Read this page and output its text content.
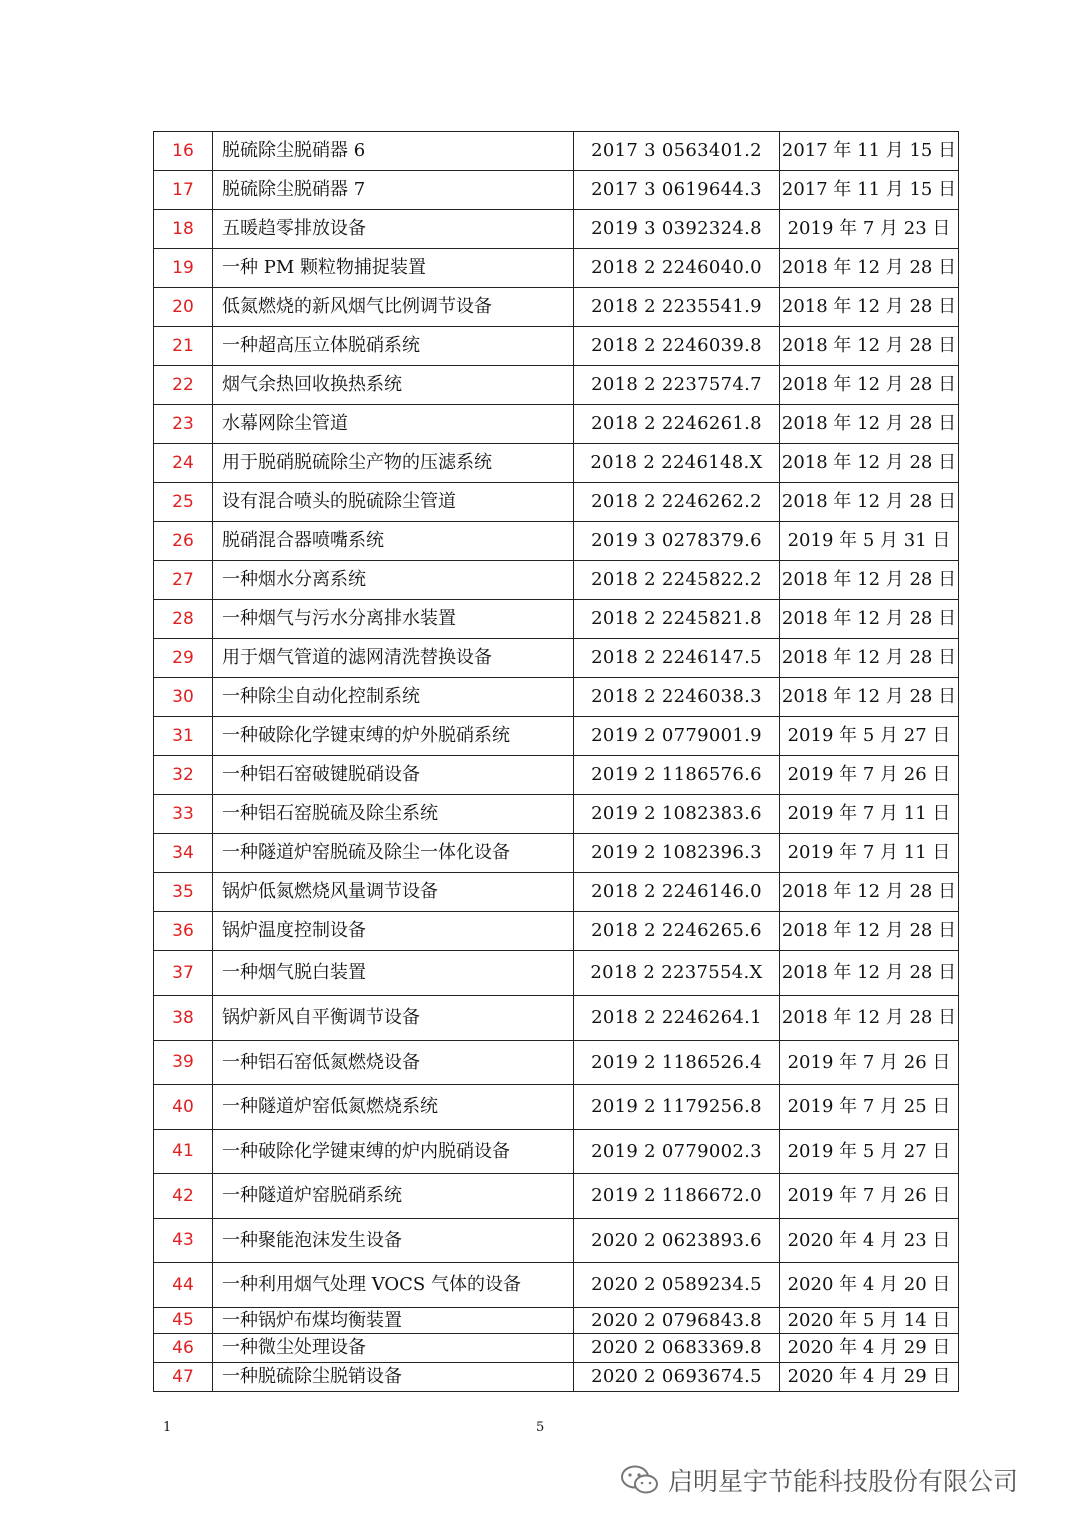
16	脱硫除尘脱硝器 6	2017 3 0563401.2	2017 年 11 月 15 日
17	脱硫除尘脱硝器 7	2017 3 0619644.3	2017 年 11 月 15 日
18	五暖趋零排放设备	2019 3 0392324.8	2019 年 7 月 23 日
19	一种 PM 颗粒物捕捉装置	2018 2 2246040.0	2018 年 12 月 28 日
20	低氮燃烧的新风烟气比例调节设备	2018 2 2235541.9	2018 年 12 月 28 日
21	一种超高压立体脱硝系统	2018 2 2246039.8	2018 年 12 月 28 日
22	烟气余热回收换热系统	2018 2 2237574.7	2018 年 12 月 28 日
23	水幕网除尘管道	2018 2 2246261.8	2018 年 12 月 28 日
24	用于脱硝脱硫除尘产物的压滤系统	2018 2 2246148.X	2018 年 12 月 28 日
25	设有混合喷头的脱硫除尘管道	2018 2 2246262.2	2018 年 12 月 28 日
26	脱硝混合器喷嘴系统	2019 3 0278379.6	2019 年 5 月 31 日
27	一种烟水分离系统	2018 2 2245822.2	2018 年 12 月 28 日
28	一种烟气与污水分离排水装置	2018 2 2245821.8	2018 年 12 月 28 日
29	用于烟气管道的滤网清洗替换设备	2018 2 2246147.5	2018 年 12 月 28 日
30	一种除尘自动化控制系统	2018 2 2246038.3	2018 年 12 月 28 日
31	一种破除化学键束缚的炉外脱硝系统	2019 2 0779001.9	2019 年 5 月 27 日
32	一种铝石窑破键脱硝设备	2019 2 1186576.6	2019 年 7 月 26 日
33	一种铝石窑脱硫及除尘系统	2019 2 1082383.6	2019 年 7 月 11 日
34	一种隧道炉窑脱硫及除尘一体化设备	2019 2 1082396.3	2019 年 7 月 11 日
35	锅炉低氮燃烧风量调节设备	2018 2 2246146.0	2018 年 12 月 28 日
36	锅炉温度控制设备	2018 2 2246265.6	2018 年 12 月 28 日
37	一种烟气脱白装置	2018 2 2237554.X	2018 年 12 月 28 日
38	锅炉新风自平衡调节设备	2018 2 2246264.1	2018 年 12 月 28 日
39	一种铝石窑低氮燃烧设备	2019 2 1186526.4	2019 年 7 月 26 日
40	一种隧道炉窑低氮燃烧系统	2019 2 1179256.8	2019 年 7 月 25 日
41	一种破除化学键束缚的炉内脱硝设备	2019 2 0779002.3	2019 年 5 月 27 日
42	一种隧道炉窑脱硝系统	2019 2 1186672.0	2019 年 7 月 26 日
43	一种聚能泡沫发生设备	2020 2 0623893.6	2020 年 4 月 23 日
44	一种利用烟气处理 VOCS 气体的设备	2020 2 0589234.5	2020 年 4 月 20 日
45	一种锅炉布煤均衡装置	2020 2 0796843.8	2020 年 5 月 14 日
46	一种微尘处理设备	2020 2 0683369.8	2020 年 4 月 29 日
47	一种脱硫除尘脱销设备	2020 2 0693674.5	2020 年 4 月 29 日
1	5
启明星宇节能科技股份有限公司
